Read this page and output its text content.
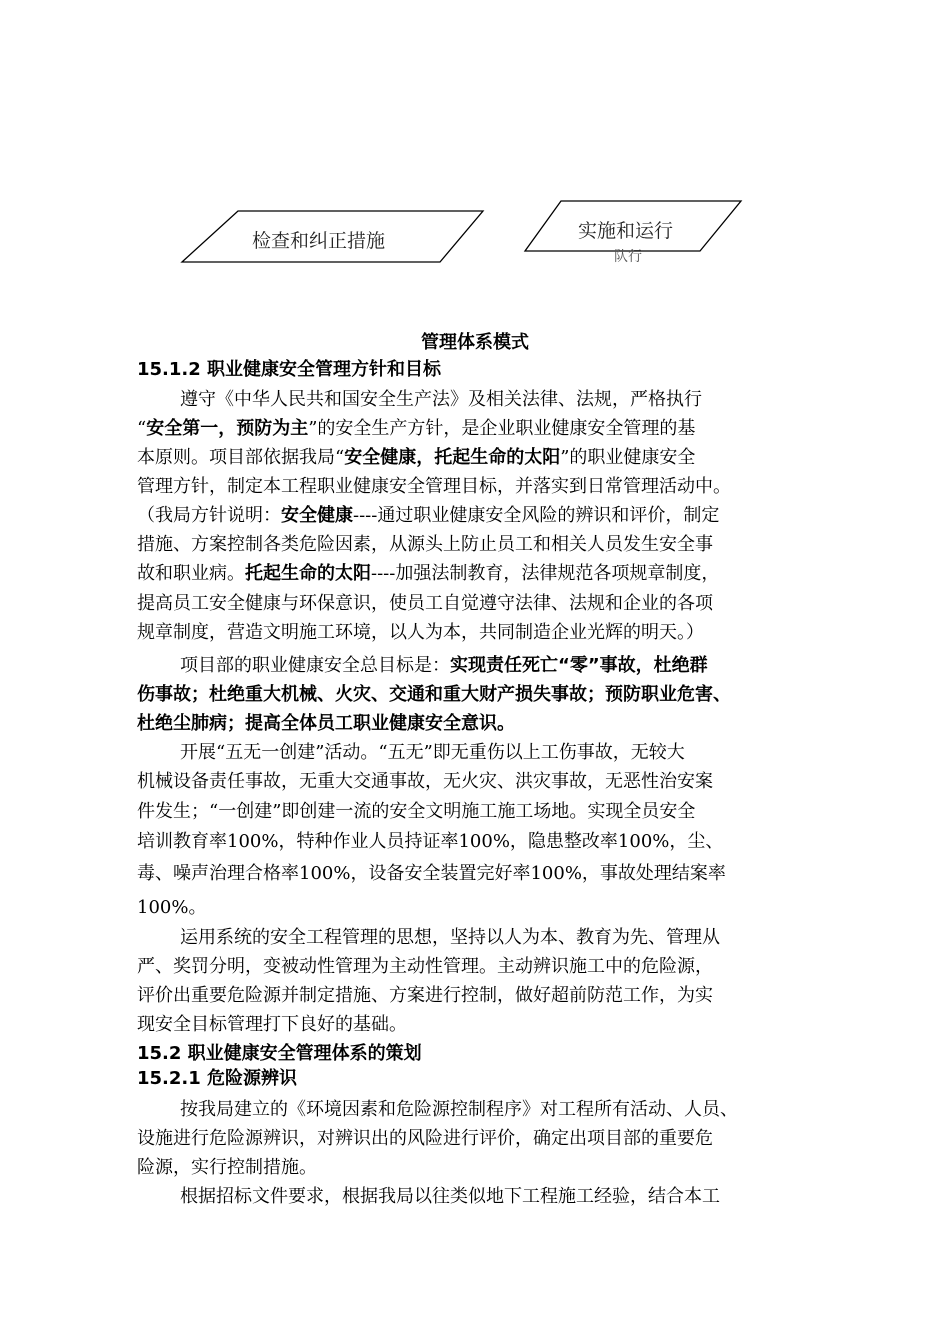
检查和纠正措施	实施和运行
队行
管理体系模式
15.1.2 职业健康安全管理方针和目标
遵守《中华人民共和国安全生产法》及相关法律、法规，严格执行
“安全第一，预防为主”的安全生产方针，是企业职业健康安全管理的基
本原则。项目部依据我局“安全健康，托起生命的太阳”的职业健康安全
管理方针，制定本工程职业健康安全管理目标，并落实到日常管理活动中。
（我局方针说明：安全健康----通过职业健康安全风险的辨识和评价，制定
措施、方案控制各类危险因素，从源头上防止员工和相关人员发生安全事
故和职业病。托起生命的太阳----加强法制教育，法律规范各项规章制度，
提高员工安全健康与环保意识，使员工自觉遵守法律、法规和企业的各项
规章制度，营造文明施工环境，以人为本，共同制造企业光辉的明天。）
项目部的职业健康安全总目标是：实现责任死亡“零”事故，杜绝群
伤事故；杜绝重大机械、火灾、交通和重大财产损失事故；预防职业危害、
杜绝尘肺病；提高全体员工职业健康安全意识。
开展“五无一创建”活动。“五无”即无重伤以上工伤事故，无较大
机械设备责任事故，无重大交通事故，无火灾、洪灾事故，无恶性治安案
件发生；“一创建”即创建一流的安全文明施工施工场地。实现全员安全
培训教育率100%，特种作业人员持证率100%，隐患整改率100%，尘、
毒、噪声治理合格率100%，设备安全装置完好率100%，事故处理结案率
100%。
运用系统的安全工程管理的思想，坚持以人为本、教育为先、管理从
严、奖罚分明，变被动性管理为主动性管理。主动辨识施工中的危险源，
评价出重要危险源并制定措施、方案进行控制，做好超前防范工作，为实
现安全目标管理打下良好的基础。
15.2 职业健康安全管理体系的策划
15.2.1 危险源辨识
按我局建立的《环境因素和危险源控制程序》对工程所有活动、人员、
设施进行危险源辨识，对辨识出的风险进行评价，确定出项目部的重要危
险源，实行控制措施。
根据招标文件要求，根据我局以往类似地下工程施工经验，结合本工
